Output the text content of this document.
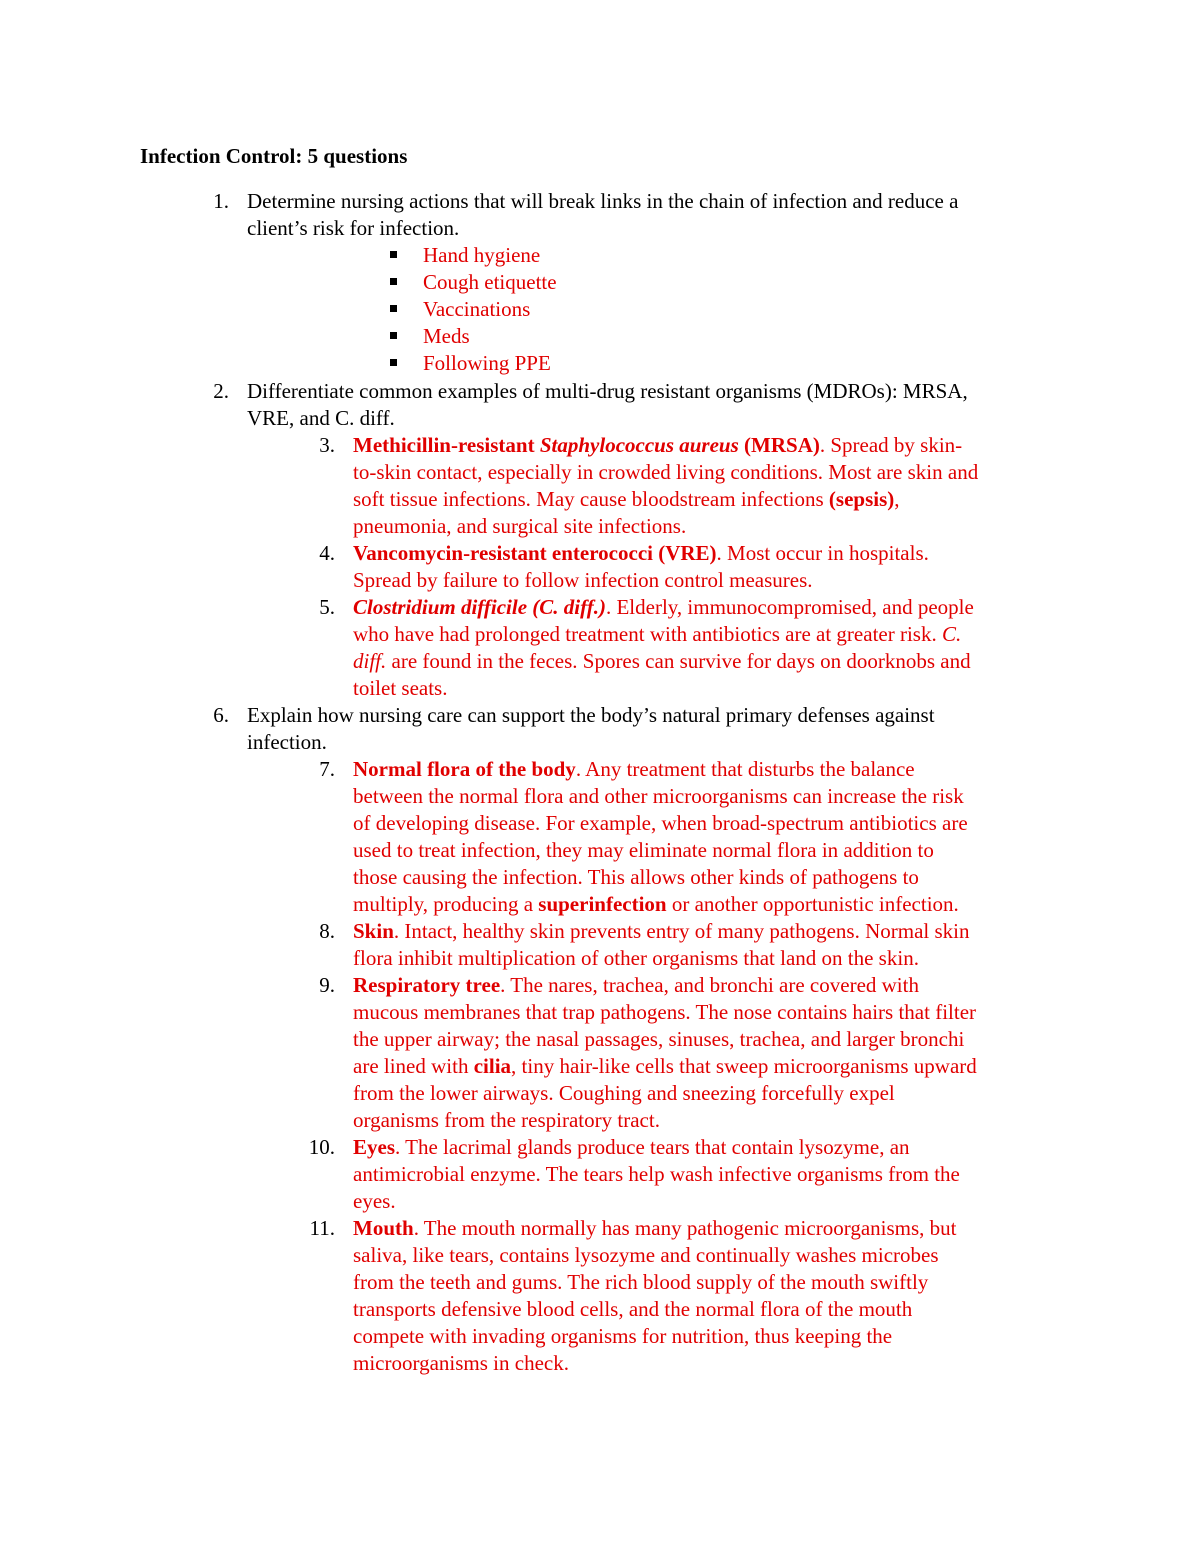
Infection Control: 5 questions
1. Determine nursing actions that will break links in the chain of infection and reduce a
client’s risk for infection.
Hand hygiene
Cough etiquette
Vaccinations
Meds
Following PPE
2. Differentiate common examples of multi-drug resistant organisms (MDROs): MRSA,
VRE, and C. diff.
3. Methicillin-resistant Staphylococcus aureus (MRSA). Spread by skin-
to-skin contact, especially in crowded living conditions. Most are skin and
soft tissue infections. May cause bloodstream infections (sepsis),
pneumonia, and surgical site infections.
4. Vancomycin-resistant enterococci (VRE). Most occur in hospitals.
Spread by failure to follow infection control measures.
5. Clostridium difficile (C. diff.). Elderly, immunocompromised, and people
who have had prolonged treatment with antibiotics are at greater risk. C.
diff. are found in the feces. Spores can survive for days on doorknobs and
toilet seats.
6. Explain how nursing care can support the body’s natural primary defenses against
infection.
7. Normal flora of the body. Any treatment that disturbs the balance
between the normal flora and other microorganisms can increase the risk
of developing disease. For example, when broad-spectrum antibiotics are
used to treat infection, they may eliminate normal flora in addition to
those causing the infection. This allows other kinds of pathogens to
multiply, producing a superinfection or another opportunistic infection.
8. Skin. Intact, healthy skin prevents entry of many pathogens. Normal skin
flora inhibit multiplication of other organisms that land on the skin.
9. Respiratory tree. The nares, trachea, and bronchi are covered with
mucous membranes that trap pathogens. The nose contains hairs that filter
the upper airway; the nasal passages, sinuses, trachea, and larger bronchi
are lined with cilia, tiny hair-like cells that sweep microorganisms upward
from the lower airways. Coughing and sneezing forcefully expel
organisms from the respiratory tract.
10. Eyes. The lacrimal glands produce tears that contain lysozyme, an
antimicrobial enzyme. The tears help wash infective organisms from the
eyes.
11. Mouth. The mouth normally has many pathogenic microorganisms, but
saliva, like tears, contains lysozyme and continually washes microbes
from the teeth and gums. The rich blood supply of the mouth swiftly
transports defensive blood cells, and the normal flora of the mouth
compete with invading organisms for nutrition, thus keeping the
microorganisms in check.
